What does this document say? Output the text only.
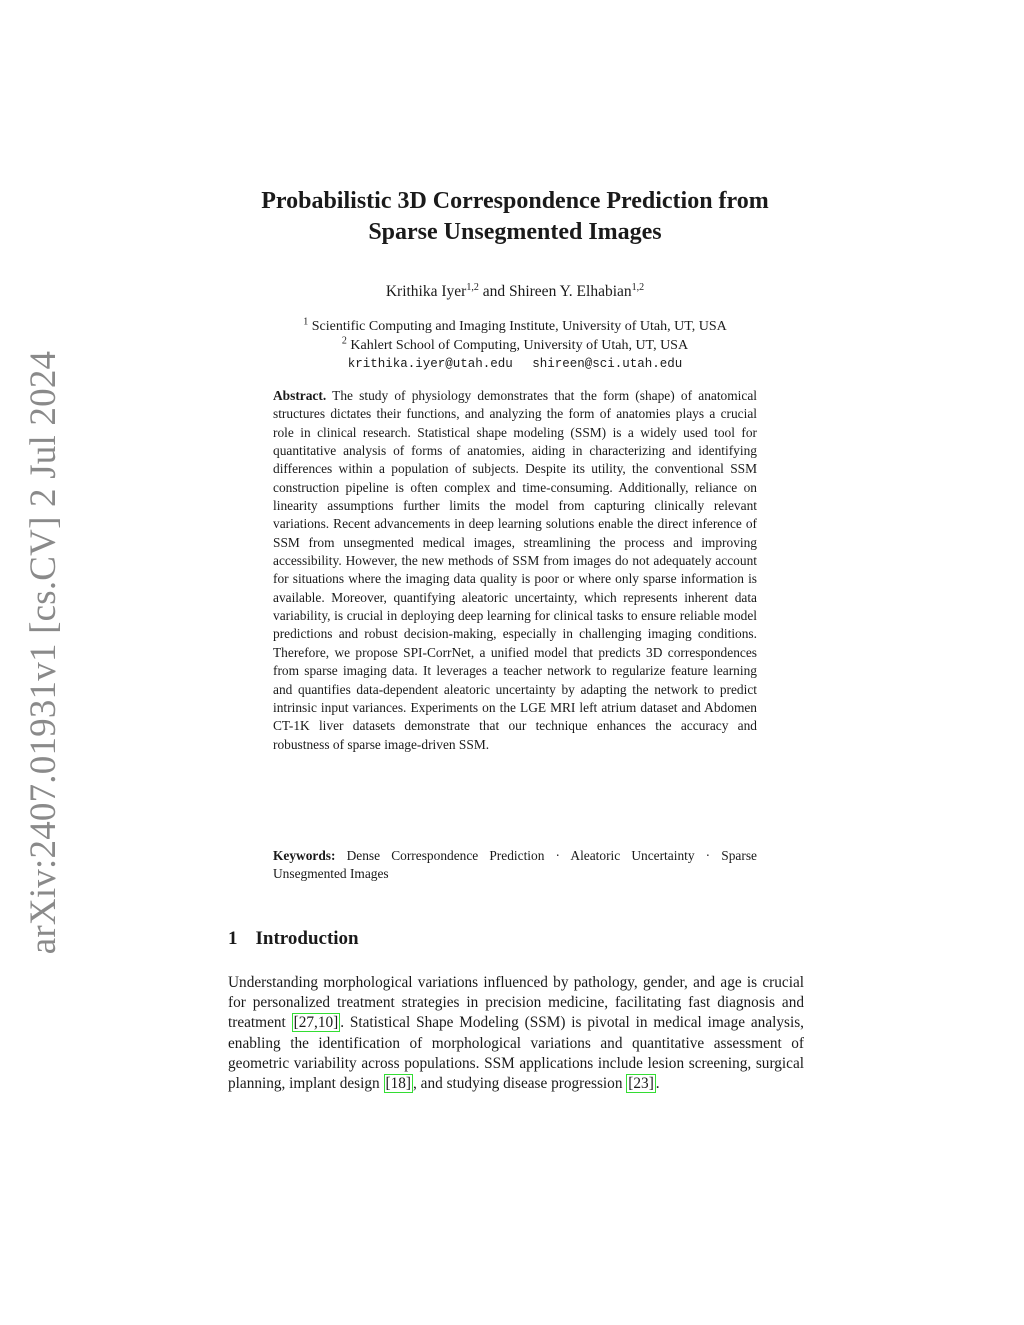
arXiv:2407.01931v1 [cs.CV] 2 Jul 2024
Probabilistic 3D Correspondence Prediction from
Sparse Unsegmented Images
Krithika Iyer$^{1,2}$ and Shireen Y. Elhabian$^{1,2}$
$^1$ Scientific Computing and Imaging Institute, University of Utah, UT, USA
$^2$ Kahlert School of Computing, University of Utah, UT, USA
krithika.iyer@utah.edu shireen@sci.utah.edu

Abstract. The study of physiology demonstrates that the form (shape) of anatomical structures dictates their functions, and analyzing the form of anatomies plays a crucial role in clinical research. Statistical shape modeling (SSM) is a widely used tool for quantitative analysis of forms of anatomies, aiding in characterizing and identifying differences within a population of subjects. Despite its utility, the conventional SSM construction pipeline is often complex and time-consuming. Additionally, reliance on linearity assumptions further limits the model from capturing clinically relevant variations. Recent advancements in deep learning solutions enable the direct inference of SSM from unsegmented medical images, streamlining the process and improving accessibility. However, the new methods of SSM from images do not adequately account for situations where the imaging data quality is poor or where only sparse information is available. Moreover, quantifying aleatoric uncertainty, which represents inherent data variability, is crucial in deploying deep learning for clinical tasks to ensure reliable model predictions and robust decision-making, especially in challenging imaging conditions. Therefore, we propose SPI-CorrNet, a unified model that predicts 3D correspondences from sparse imaging data. It leverages a teacher network to regularize feature learning and quantifies data-dependent aleatoric uncertainty by adapting the network to predict intrinsic input variances. Experiments on the LGE MRI left atrium dataset and Abdomen CT-1K liver datasets demonstrate that our technique enhances the accuracy and robustness of sparse image-driven SSM.

Keywords: Dense Correspondence Prediction · Aleatoric Uncertainty · Sparse Unsegmented Images

1 Introduction

Understanding morphological variations influenced by pathology, gender, and age is crucial for personalized treatment strategies in precision medicine, facilitating fast diagnosis and treatment [27,10] . Statistical Shape Modeling (SSM) is pivotal in medical image analysis, enabling the identification of morphological variations and quantitative assessment of geometric variability across populations. SSM applications include lesion screening, surgical planning, implant design [18] , and studying disease progression [23] .
